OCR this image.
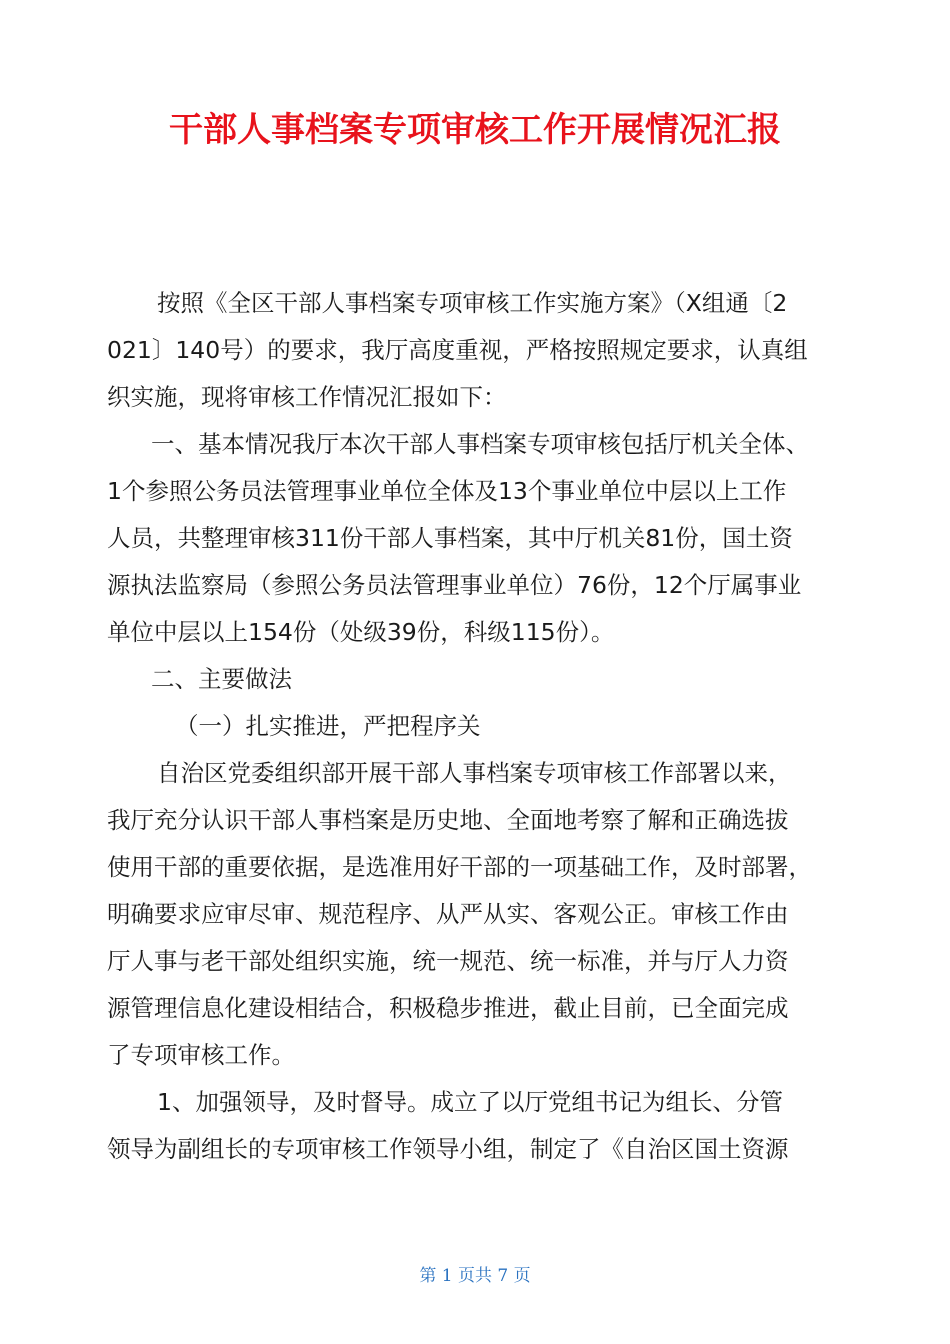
干部人事档案专项审核工作开展情况汇报

按照《全区干部人事档案专项审核工作实施方案》（X组通〔2

021〕140号）的要求，我厅高度重视，严格按照规定要求，认真组

织实施，现将审核工作情况汇报如下：

一、基本情况我厅本次干部人事档案专项审核包括厅机关全体、

1个参照公务员法管理事业单位全体及13个事业单位中层以上工作

人员，共整理审核311份干部人事档案，其中厅机关81份，国土资

源执法监察局（参照公务员法管理事业单位）76份，12个厅属事业

单位中层以上154份（处级39份，科级115份）。

二、主要做法

（一）扎实推进，严把程序关

自治区党委组织部开展干部人事档案专项审核工作部署以来，

我厅充分认识干部人事档案是历史地、全面地考察了解和正确选拔

使用干部的重要依据，是选准用好干部的一项基础工作，及时部署，

明确要求应审尽审、规范程序、从严从实、客观公正。审核工作由

厅人事与老干部处组织实施，统一规范、统一标准，并与厅人力资

源管理信息化建设相结合，积极稳步推进，截止目前，已全面完成

了专项审核工作。

1、加强领导，及时督导。成立了以厅党组书记为组长、分管

领导为副组长的专项审核工作领导小组，制定了《自治区国土资源

第 1 页共 7 页
